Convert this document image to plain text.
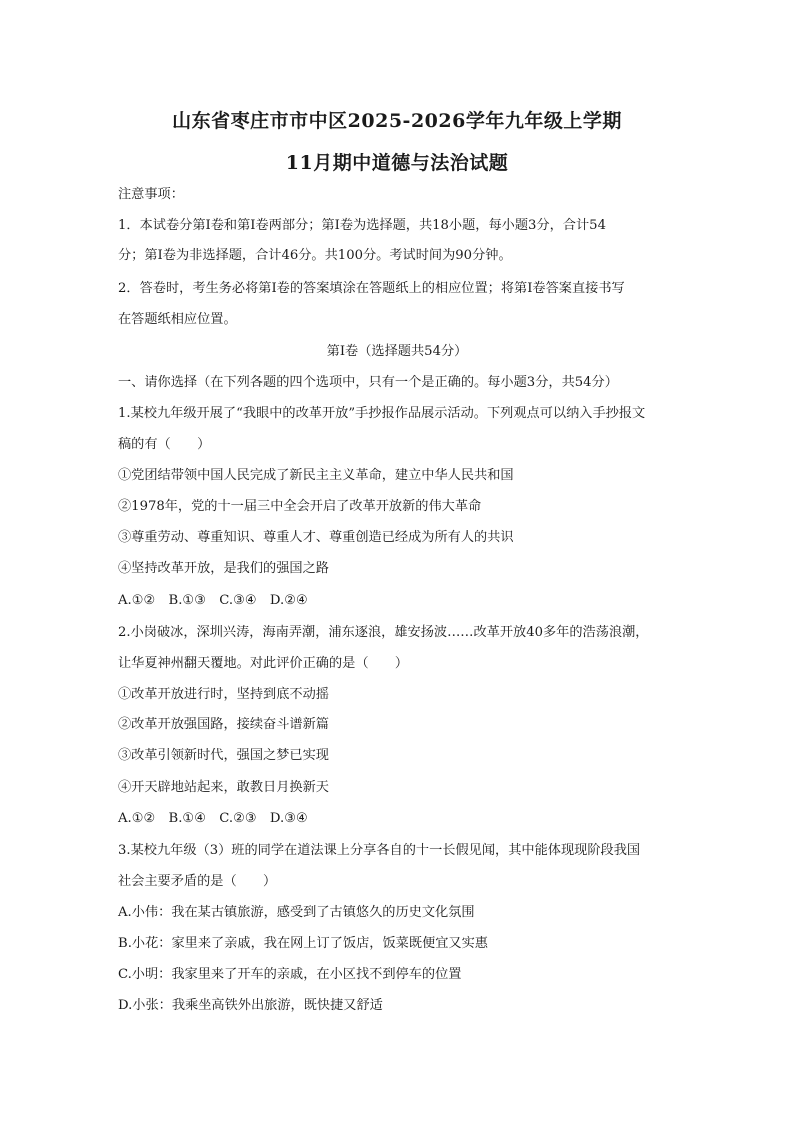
山东省枣庄市市中区2025-2026学年九年级上学期
11月期中道德与法治试题
注意事项：
1．本试卷分第Ⅰ卷和第Ⅰ卷两部分；第Ⅰ卷为选择题，共18小题，每小题3分，合计54
分；第Ⅰ卷为非选择题，合计46分。共100分。考试时间为90分钟。
2．答卷时，考生务必将第Ⅰ卷的答案填涂在答题纸上的相应位置；将第Ⅰ卷答案直接书写
在答题纸相应位置。
第Ⅰ卷（选择题共54分）
一、请你选择（在下列各题的四个选项中，只有一个是正确的。每小题3分，共54分）
1.某校九年级开展了“我眼中的改革开放”手抄报作品展示活动。下列观点可以纳入手抄报文
稿的有（　　）
①党团结带领中国人民完成了新民主主义革命，建立中华人民共和国
②1978年，党的十一届三中全会开启了改革开放新的伟大革命
③尊重劳动、尊重知识、尊重人才、尊重创造已经成为所有人的共识
④坚持改革开放，是我们的强国之路
A.①②　B.①③　C.③④　D.②④
2.小岗破冰，深圳兴涛，海南弄潮，浦东逐浪，雄安扬波……改革开放40多年的浩荡浪潮，
让华夏神州翻天覆地。对此评价正确的是（　　）
①改革开放进行时，坚持到底不动摇
②改革开放强国路，接续奋斗谱新篇
③改革引领新时代，强国之梦已实现
④开天辟地站起来，敢教日月换新天
A.①②　B.①④　C.②③　D.③④
3.某校九年级（3）班的同学在道法课上分享各自的十一长假见闻，其中能体现现阶段我国
社会主要矛盾的是（　　）
A.小伟：我在某古镇旅游，感受到了古镇悠久的历史文化氛围
B.小花：家里来了亲戚，我在网上订了饭店，饭菜既便宜又实惠
C.小明：我家里来了开车的亲戚，在小区找不到停车的位置
D.小张：我乘坐高铁外出旅游，既快捷又舒适
